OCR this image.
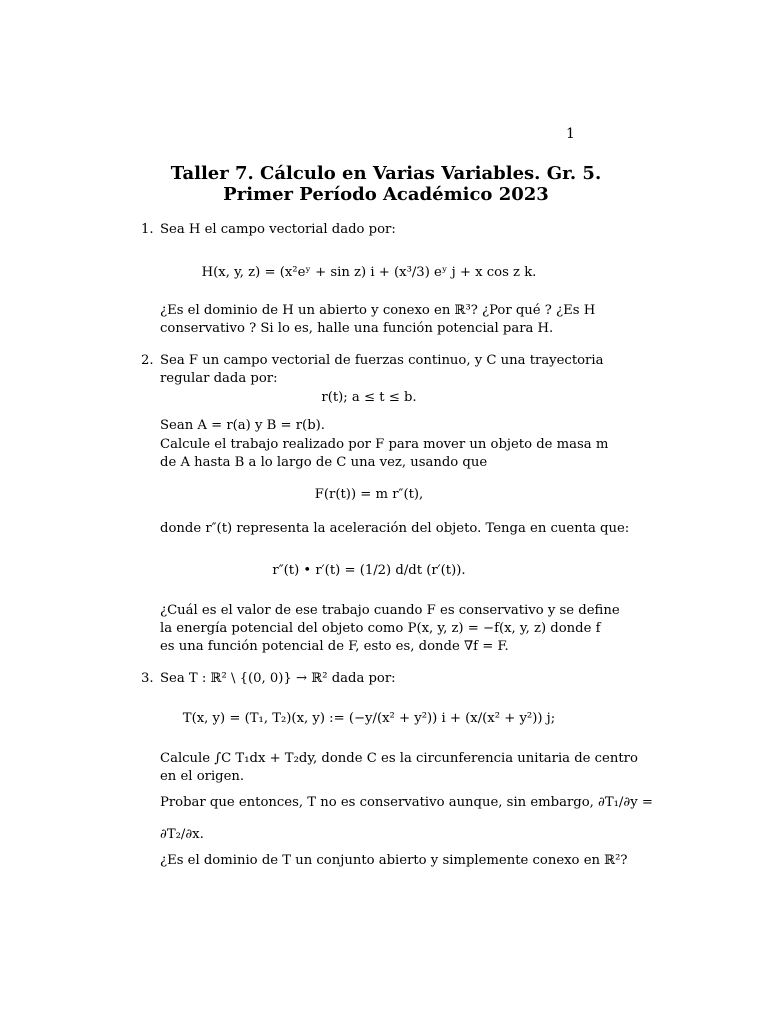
1
Taller 7. Cálculo en Varias Variables. Gr. 5.
Primer Período Académico 2023
1. Sea H el campo vectorial dado por:
H(x, y, z) = (x²eʸ + sin z) i + (x³/3) eʸ j + x cos z k.
¿Es el dominio de H un abierto y conexo en ℝ³? ¿Por qué ? ¿Es H
conservativo ? Si lo es, halle una función potencial para H.
2. Sea F un campo vectorial de fuerzas continuo, y C una trayectoria
regular dada por:
r(t); a ≤ t ≤ b.
Sean A = r(a) y B = r(b).
Calcule el trabajo realizado por F para mover un objeto de masa m
de A hasta B a lo largo de C una vez, usando que
F(r(t)) = m r″(t),
donde r″(t) representa la aceleración del objeto. Tenga en cuenta que:
r″(t) • r′(t) = (1/2) d/dt (r′(t)).
¿Cuál es el valor de ese trabajo cuando F es conservativo y se define
la energía potencial del objeto como P(x, y, z) = −f(x, y, z) donde f
es una función potencial de F, esto es, donde ∇f = F.
3. Sea T : ℝ² \ {(0, 0)} → ℝ² dada por:
T(x, y) = (T₁, T₂)(x, y) := (−y/(x² + y²)) i + (x/(x² + y²)) j;
Calcule ∫C T₁dx + T₂dy, donde C es la circunferencia unitaria de centro
en el origen.
Probar que entonces, T no es conservativo aunque, sin embargo, ∂T₁/∂y =
∂T₂/∂x.
¿Es el dominio de T un conjunto abierto y simplemente conexo en ℝ²?
